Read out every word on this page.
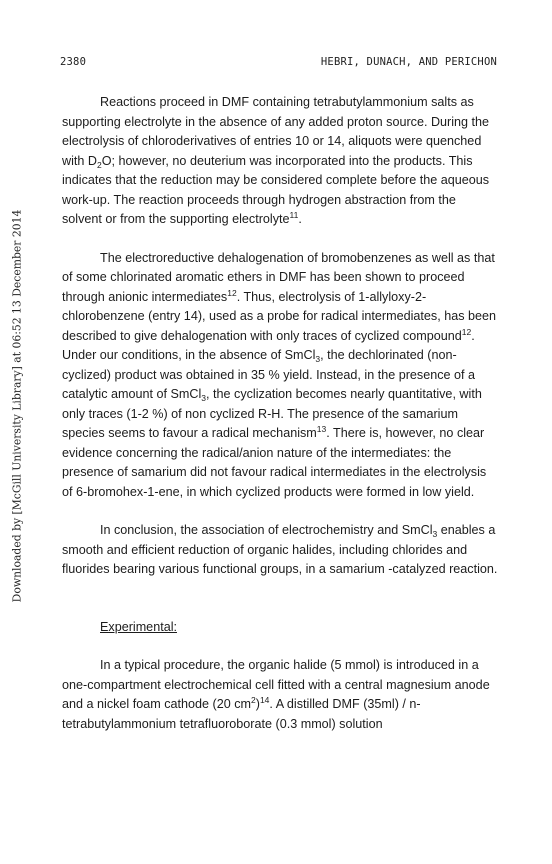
2380	HEBRI, DUNACH, AND PERICHON
Downloaded by [McGill University Library] at 06:52 13 December 2014

Reactions proceed in DMF containing tetrabutylammonium salts as supporting electrolyte in the absence of any added proton source. During the electrolysis of chloroderivatives of entries 10 or 14, aliquots were quenched with $D_2O$; however, no deuterium was incorporated into the products. This indicates that the reduction may be considered complete before the aqueous work-up. The reaction proceeds through hydrogen abstraction from the solvent or from the supporting electrolyte$^{11}$.

The electroreductive dehalogenation of bromobenzenes as well as that of some chlorinated aromatic ethers in DMF has been shown to proceed through anionic intermediates$^{12}$. Thus, electrolysis of 1-allyloxy-2-chlorobenzene (entry 14), used as a probe for radical intermediates, has been described to give dehalogenation with only traces of cyclized compound$^{12}$. Under our conditions, in the absence of SmCl$_3$, the dechlorinated (non-cyclized) product was obtained in 35 % yield. Instead, in the presence of a catalytic amount of SmCl$_3$, the cyclization becomes nearly quantitative, with only traces (1-2 %) of non cyclized R-H. The presence of the samarium species seems to favour a radical mechanism$^{13}$. There is, however, no clear evidence concerning the radical/anion nature of the intermediates: the presence of samarium did not favour radical intermediates in the electrolysis of 6-bromohex-1-ene, in which cyclized products were formed in low yield.

In conclusion, the association of electrochemistry and SmCl$_3$ enables a smooth and efficient reduction of organic halides, including chlorides and fluorides bearing various functional groups, in a samarium -catalyzed reaction.

Experimental:

In a typical procedure, the organic halide (5 mmol) is introduced in a one-compartment electrochemical cell fitted with a central magnesium anode and a nickel foam cathode (20 $cm^2)^{14}$. A distilled DMF (35ml) / n-tetrabutylammonium tetrafluoroborate (0.3 mmol) solution
